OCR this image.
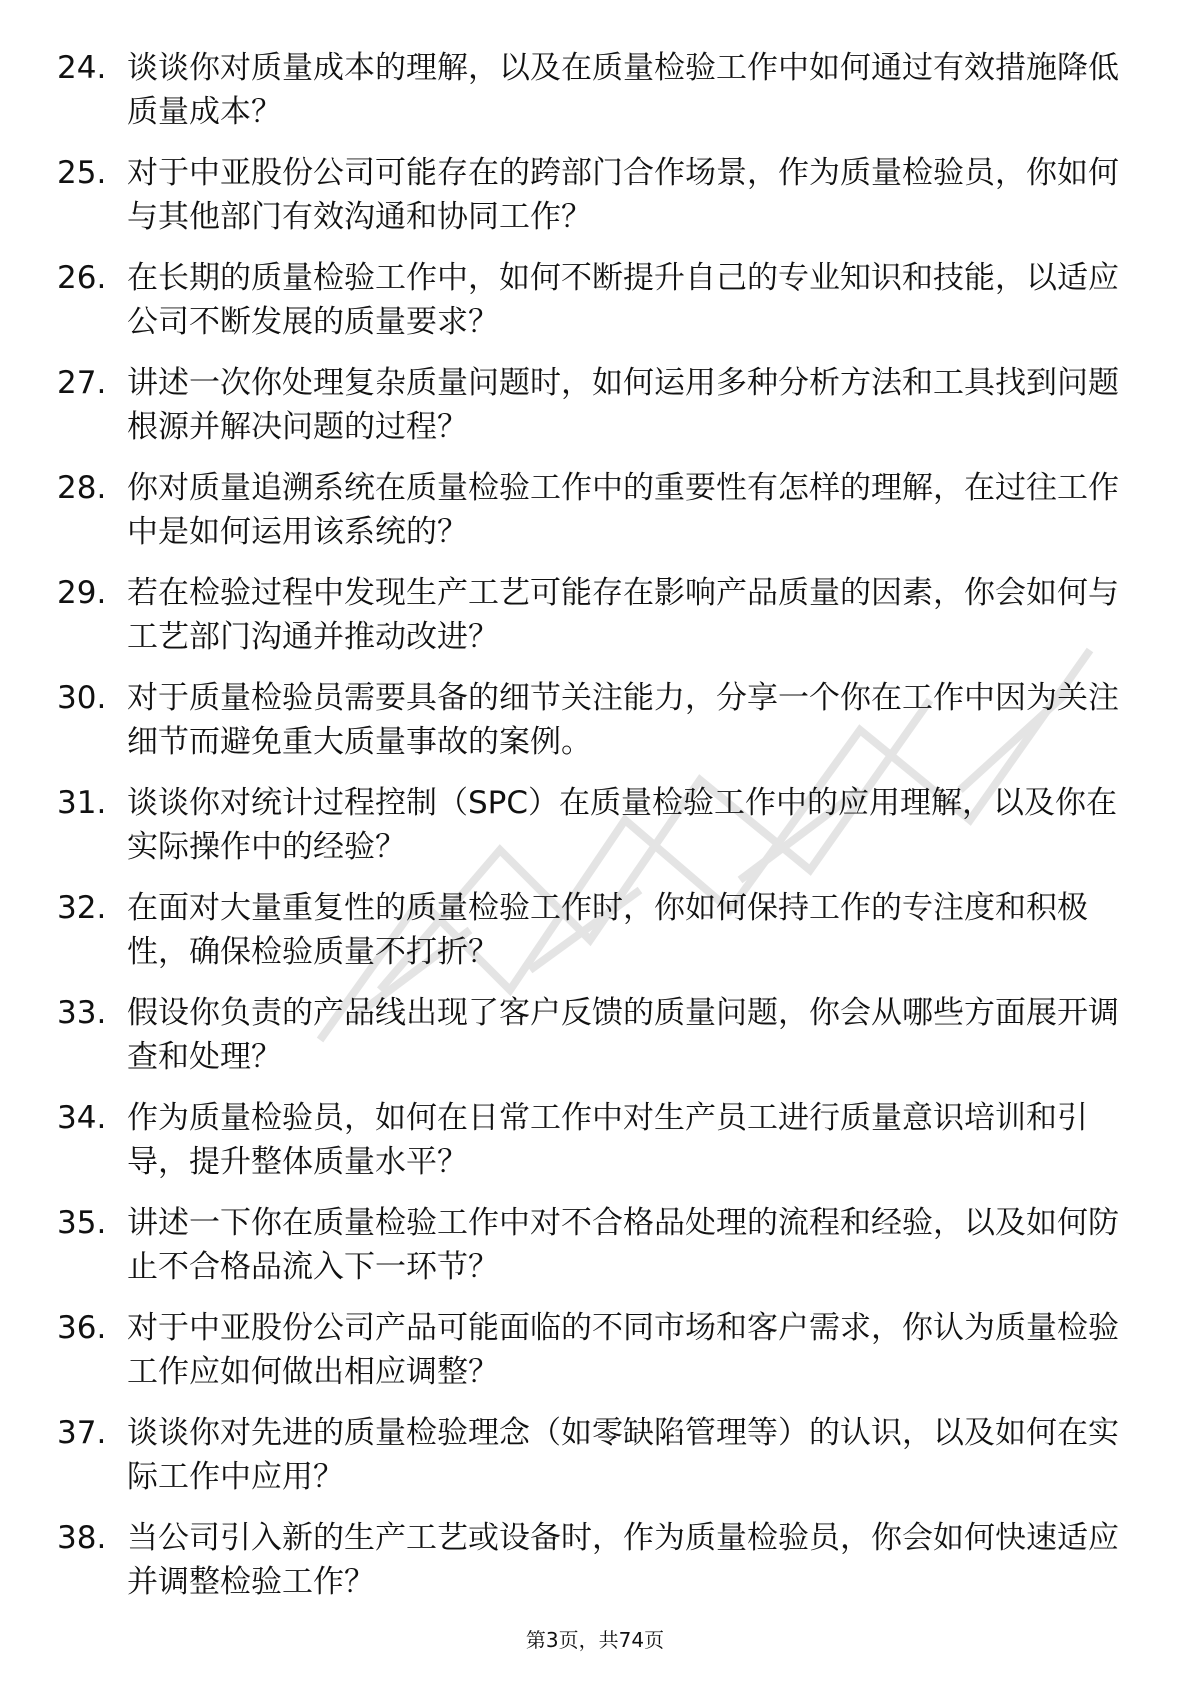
24. 谈谈你对质量成本的理解，以及在质量检验工作中如何通过有效措施降低质量成本？
25. 对于中亚股份公司可能存在的跨部门合作场景，作为质量检验员，你如何与其他部门有效沟通和协同工作？
26. 在长期的质量检验工作中，如何不断提升自己的专业知识和技能，以适应公司不断发展的质量要求？
27. 讲述一次你处理复杂质量问题时，如何运用多种分析方法和工具找到问题根源并解决问题的过程？
28. 你对质量追溯系统在质量检验工作中的重要性有怎样的理解，在过往工作中是如何运用该系统的？
29. 若在检验过程中发现生产工艺可能存在影响产品质量的因素，你会如何与工艺部门沟通并推动改进？
30. 对于质量检验员需要具备的细节关注能力，分享一个你在工作中因为关注细节而避免重大质量事故的案例。
31. 谈谈你对统计过程控制（SPC）在质量检验工作中的应用理解，以及你在实际操作中的经验？
32. 在面对大量重复性的质量检验工作时，你如何保持工作的专注度和积极性，确保检验质量不打折？
33. 假设你负责的产品线出现了客户反馈的质量问题，你会从哪些方面展开调查和处理？
34. 作为质量检验员，如何在日常工作中对生产员工进行质量意识培训和引导，提升整体质量水平？
35. 讲述一下你在质量检验工作中对不合格品处理的流程和经验，以及如何防止不合格品流入下一环节？
36. 对于中亚股份公司产品可能面临的不同市场和客户需求，你认为质量检验工作应如何做出相应调整？
37. 谈谈你对先进的质量检验理念（如零缺陷管理等）的认识，以及如何在实际工作中应用？
38. 当公司引入新的生产工艺或设备时，作为质量检验员，你会如何快速适应并调整检验工作？
第3页，共74页
